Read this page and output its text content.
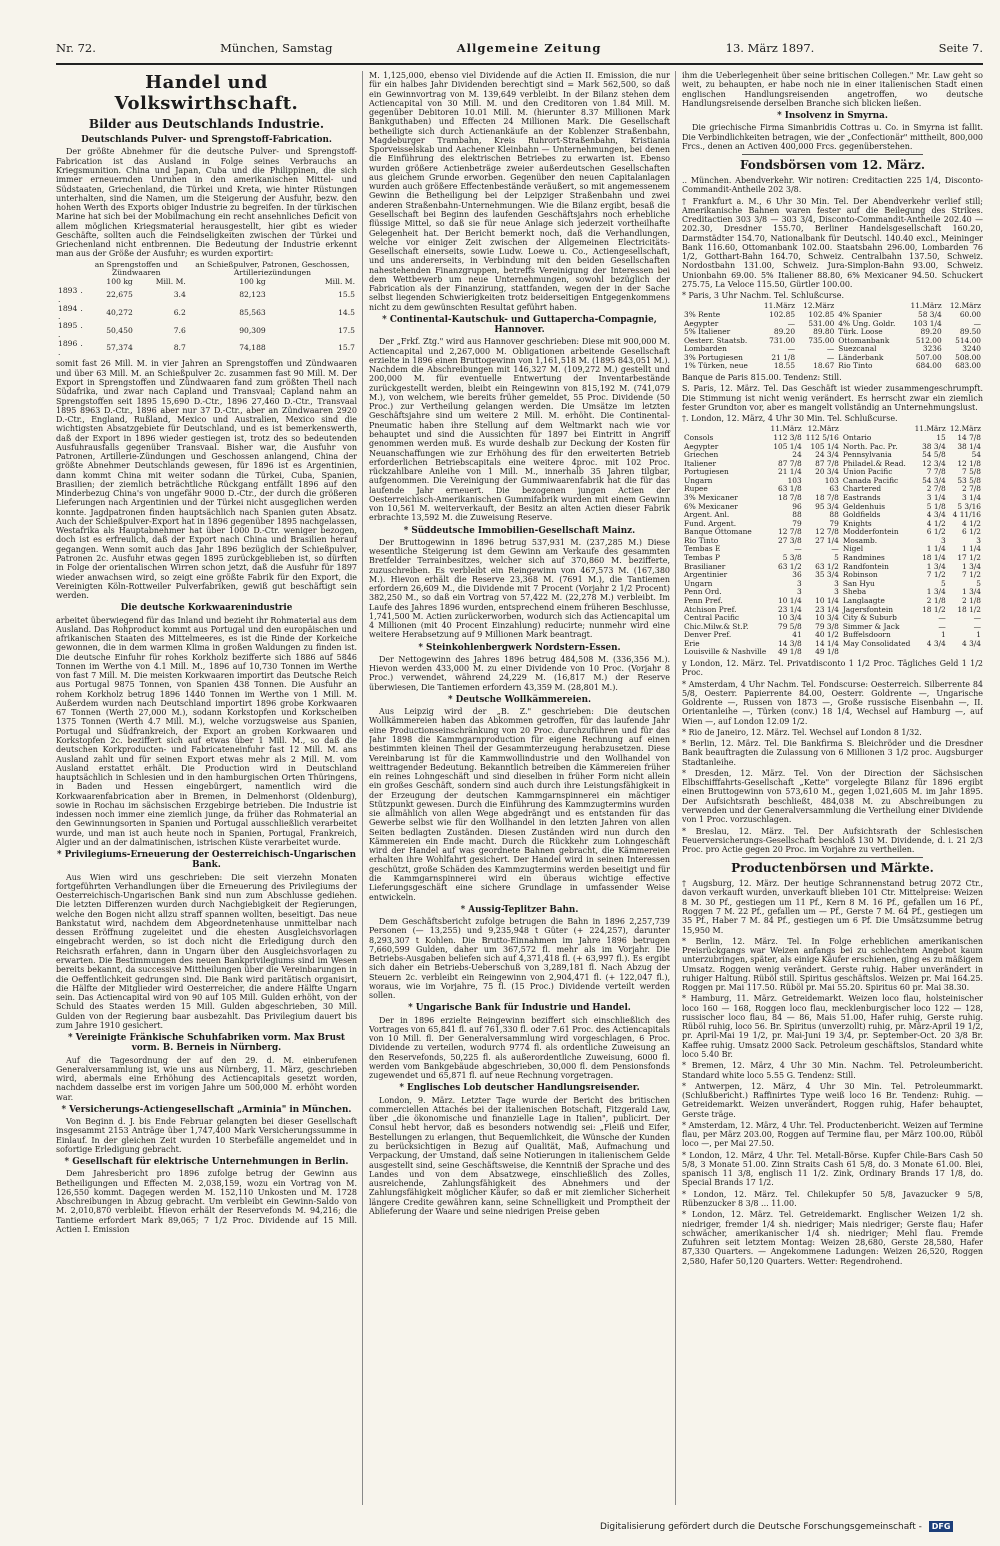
Nr. 72.	München, Samstag	Allgemeine Zeitung	13. März 1897.	Seite 7.
Handel und Volkswirthschaft.
Bilder aus Deutschlands Industrie.
Deutschlands Pulver- und Sprengstoff-Fabrication.

Der größte Abnehmer für die deutsche Pulver- und Sprengstoff-Fabrication ist das Ausland in Folge seines Verbrauchs an Kriegsmunition. China und Japan, Cuba und die Philippinen, die sich immer erneuernden Unruhen in den amerikanischen Mittel- und Südstaaten, Griechenland, die Türkei und Kreta, wie hinter Rüstungen unterhalten, sind die Namen, um die Steigerung der Ausfuhr, bezw. den hohen Werth des Exports obiger Industrie zu begreifen. In der türkischen Marine hat sich bei der Mobilmachung ein recht ansehnliches Deficit von allem möglichen Kriegsmaterial herausgestellt, hier gibt es wieder Geschäfte, sollten auch die Feindseligkeiten zwischen der Türkei und Griechenland nicht entbrennen. Die Bedeutung der Industrie erkennt man aus der Größe der Ausfuhr; es wurden exportirt:

	an Sprengstoffen und Zündwaaren		an Schießpulver, Patronen, Geschossen, Artilleriezündungen	
	100 kg	Mill. M.	100 kg	Mill. M.
1893 . .	22,675	3.4	82,123	15.5
1894 . .	40,272	6.2	85,563	14.5
1895 . .	50,450	7.6	90,309	17.5
1896 . .	57,374	8.7	74,188	15.7

somit fast 26 Mill. M. in vier Jahren an Sprengstoffen und Zündwaaren und über 63 Mill. M. an Schießpulver 2c. zusammen fast 90 Mill. M. Der Export in Sprengstoffen und Zündwaaren fand zum größten Theil nach Südafrika, und zwar nach Capland und Transvaal; Capland nahm an Sprengstoffen seit 1895 15,690 D.-Ctr., 1896 27,460 D.-Ctr., Transvaal 1895 8963 D.-Ctr., 1896 aber nur 37 D.-Ctr., aber an Zündwaaren 2920 D.-Ctr., England, Rußland, Mexico und Australien, Mexico sind die wichtigsten Absatzgebiete für Deutschland, und es ist bemerkenswerth, daß der Export in 1896 wieder gestiegen ist, trotz des so bedeutenden Ausfuhrausfalls gegenüber Transvaal. Bisher war, die Ausfuhr von Patronen, Artillerie-Zündungen und Geschossen anlangend, China der größte Abnehmer Deutschlands gewesen, für 1896 ist es Argentinien, dann kommt China mit weiter sodann die Türkei, Cuba, Spanien, Brasilien; der ziemlich beträchtliche Rückgang entfällt 1896 auf den Minderbezug China's von ungefähr 9000 D.-Ctr., der durch die größeren Lieferungen nach Argentinien und der Türkei nicht ausgeglichen werden konnte. Jagdpatronen finden hauptsächlich nach Spanien guten Absatz. Auch der Schießpulver-Export hat in 1896 gegenüber 1895 nachgelassen, Westafrika als Hauptabnehmer hat über 1000 D.-Ctr. weniger bezogen, doch ist es erfreulich, daß der Export nach China und Brasilien herauf gegangen. Wenn somit auch das Jahr 1896 bezüglich der Schießpulver, Patronen 2c. Ausfuhr etwas gegen 1895 zurückgeblieben ist, so dürften in Folge der orientalischen Wirren schon jetzt, daß die Ausfuhr für 1897 wieder anwachsen wird, so zeigt eine größte Fabrik für den Export, die Vereinigten Köln-Rottweiler Pulverfabriken, gewiß gut beschäftigt sein werden.

Die deutsche Korkwaarenindustrie

arbeitet überwiegend für das Inland und bezieht ihr Rohmaterial aus dem Ausland. Das Rohproduct kommt aus Portugal und den europäischen und afrikanischen Staaten des Mittelmeeres, es ist die Rinde der Korkeiche gewonnen, die in dem warmen Klima in großen Waldungen zu finden ist. Die deutsche Einfuhr für rohes Korkholz bezifferte sich 1886 auf 5846 Tonnen im Werthe von 4.1 Mill. M., 1896 auf 10,730 Tonnen im Werthe von fast 7 Mill. M. Die meisten Korkwaaren importirt das Deutsche Reich aus Portugal 9875 Tonnen, von Spanien 438 Tonnen. Die Ausfuhr an rohem Korkholz betrug 1896 1440 Tonnen im Werthe von 1 Mill. M. Außerdem wurden nach Deutschland importirt 1896 grobe Korkwaaren 67 Tonnen (Werth 27,000 M.), sodann Korkstopfen und Korkscheiben 1375 Tonnen (Werth 4.7 Mill. M.), welche vorzugsweise aus Spanien, Portugal und Südfrankreich, der Export an groben Korkwaaren und Korkstopfen 2c. beziffert sich auf etwas über 1 Mill. M., so daß die deutschen Korkproducten- und Fabricateneinfuhr fast 12 Mill. M. ans Ausland zahlt und für seinen Export etwas mehr als 2 Mill. M. vom Ausland erstattet erhält. Die Production wird in Deutschland hauptsächlich in Schlesien und in den hamburgischen Orten Thüringens, in Baden und Hessen eingebürgert, namentlich wird die Korkwaarenfabrication aber in Bremen, in Delmenhorst (Oldenburg), sowie in Rochau im sächsischen Erzgebirge betrieben. Die Industrie ist indessen noch immer eine ziemlich junge, da früher das Rohmaterial an den Gewinnungsorten in Spanien und Portugal ausschließlich verarbeitet wurde, und man ist auch heute noch in Spanien, Portugal, Frankreich, Algier und an der dalmatinischen, istrischen Küste verarbeitet wurde.

* Privilegiums-Erneuerung der Oesterreichisch-Ungarischen Bank.

Aus Wien wird uns geschrieben: Die seit vierzehn Monaten fortgeführten Verhandlungen über die Erneuerung des Privilegiums der Oesterreichisch-Ungarischen Bank sind nun zum Abschlusse gediehen. Die letzten Differenzen wurden durch Nachgiebigkeit der Regierungen, welche den Bogen nicht allzu straff spannen wollten, beseitigt. Das neue Bankstatut wird, nachdem dem Abgeordnetenhause unmittelbar nach dessen Eröffnung zugeleitet und die ehesten Ausgleichsvorlagen eingebracht werden, so ist doch nicht die Erledigung durch den Reichsrath erfahren, dann in Ungarn über den Ausgleichsvorlagen zu erwarten. Die Bestimmungen des neuen Bankprivilegiums sind im Wesen bereits bekannt, da successive Mittheilungen über die Vereinbarungen in die Oeffentlichkeit gedrungen sind. Die Bank wird paritätisch organisirt, die Hälfte der Mitglieder wird Oesterreicher, die andere Hälfte Ungarn sein. Das Actiencapital wird von 90 auf 105 Mill. Gulden erhöht, von der Schuld des Staates werden 15 Mill. Gulden abgeschrieben, 30 Mill. Gulden von der Regierung baar ausbezahlt. Das Privilegium dauert bis zum Jahre 1910 gesichert.

* Vereinigte Fränkische Schuhfabriken vorm. Max Brust vorm. B. Berneis in Nürnberg.

Auf die Tagesordnung der auf den 29. d. M. einberufenen Generalversammlung ist, wie uns aus Nürnberg, 11. März, geschrieben wird, abermals eine Erhöhung des Actiencapitals gesetzt worden, nachdem dasselbe erst im vorigen Jahre um 500,000 M. erhöht worden war.

* Versicherungs-Actiengesellschaft „Arminia" in München.

Von Beginn d. J. bis Ende Februar gelangten bei dieser Gesellschaft insgesammt 2153 Anträge über 1,747,400 Mark Versicherungssumme in Einlauf. In der gleichen Zeit wurden 10 Sterbefälle angemeldet und in sofortige Erledigung gebracht.

* Gesellschaft für elektrische Unternehmungen in Berlin.

Dem Jahresbericht pro 1896 zufolge betrug der Gewinn aus Betheiligungen und Effecten M. 2,038,159, wozu ein Vortrag von M. 126,550 kommt. Dagegen werden M. 152,110 Unkosten und M. 1728 Abschreibungen in Abzug gebracht. Um verbleibt ein Gewinn-Saldo von M. 2,010,870 verbleibt. Hievon erhält der Reservefonds M. 94,216; die Tantieme erfordert Mark 89,065; 7 1/2 Proc. Dividende auf 15 Mill. Actien I. Emission

M. 1,125,000, ebenso viel Dividende auf die Actien II. Emission, die nur für ein halbes Jahr Dividenden berechtigt sind = Mark 562,500, so daß ein Gewinnvortrag von M. 139,649 verbleibt. In der Bilanz stehen dem Actiencapital von 30 Mill. M. und den Creditoren von 1.84 Mill. M. gegenüber Debitoren 10.01 Mill. M. (hierunter 8.37 Millionen Mark Bankguthaben) und Effecten 24 Millionen Mark. Die Gesellschaft betheiligte sich durch Actienankäufe an der Koblenzer Straßenbahn, Magdeburger Trambahn, Kreis Ruhrort-Straßenbahn, Kristiania Sporveisselskab und Aachener Kleinbahn — Unternehmungen, bei denen die Einführung des elektrischen Betriebes zu erwarten ist. Ebenso wurden größere Actienbeträge zweier außerdeutschen Gesellschaften aus gleichem Grunde erworben. Gegenüber den neuen Capitalanlagen wurden auch größere Effectenbestände veräußert, so mit angemessenem Gewinn die Betheiligung bei der Leipziger Straßenbahn und zwei anderen Straßenbahn-Unternehmungen. Wie die Bilanz ergibt, besaß die Gesellschaft bei Beginn des laufenden Geschäftsjahrs noch erhebliche flüssige Mittel, so daß sie für neue Anlage sich jederzeit vortheilhafte Gelegenheit hat. Der Bericht bemerkt noch, daß die Verhandlungen, welche vor einiger Zeit zwischen der Allgemeinen Electricitäts-Gesellschaft einerseits, sowie Ludw. Loewe u. Co., Actiengesellschaft, und uns andererseits, in Verbindung mit den beiden Gesellschaften nahestehenden Finanzgruppen, betreffs Vereinigung der Interessen bei dem Wettbewerb um neue Unternehmungen, sowohl bezüglich der Fabrication als der Finanzirung, stattfanden, wegen der in der Sache selbst liegenden Schwierigkeiten trotz beiderseitigen Entgegenkommens nicht zu dem gewünschten Resultat geführt haben.

* Continental-Kautschuk- und Guttapercha-Compagnie, Hannover.

Der „Frkf. Ztg." wird aus Hannover geschrieben: Diese mit 900,000 M. Actiencapital und 2,267,000 M. Obligationen arbeitende Gesellschaft erzielte in 1896 einen Bruttogewinn von 1,161,518 M. (1895 843,051 M.). Nachdem die Abschreibungen mit 146,327 M. (109,272 M.) gestellt und 200,000 M. für eventuelle Entwertung der Inventarbestände zurückgestellt werden, bleibt ein Reingewinn von 815,192 M. (741,079 M.), von welchem, wie bereits früher gemeldet, 55 Proc. Dividende (50 Proc.) zur Vertheilung gelangen werden. Die Umsätze im letzten Geschäftsjahre sind um weitere 2 Mill. M. erhöht. Die Continental-Pneumatic haben ihre Stellung auf dem Weltmarkt nach wie vor behauptet und sind die Aussichten für 1897 bei Eintritt in Angriff genommen werden muß. Es wurde deshalb zur Deckung der Kosten für Neuanschaffungen wie zur Erhöhung des für den erweiterten Betrieb erforderlichen Betriebscapitals eine weitere 4proc. mit 102 Proc. rückzahlbare Anleihe von 1 Mill. M., innerhalb 35 Jahren tilgbar, aufgenommen. Die Vereinigung der Gummiwaarenfabrik hat die für das laufende Jahr erneuert. Die bezogenen jungen Actien der Oesterreichisch-Amerikanischen Gummifabrik wurden mit einem Gewinn von 10,561 M. weiterverkauft, der Besitz an alten Actien dieser Fabrik erbrachte 13,592 M. die Zuweisung Reserve.

* Süddeutsche Immobilien-Gesellschaft Mainz.

Der Bruttogewinn in 1896 betrug 537,931 M. (237,285 M.) Diese wesentliche Steigerung ist dem Gewinn am Verkaufe des gesammten Bretfelder Terrainbesitzes, welcher sich auf 370,860 M. bezifferte, zuzuschreiben. Es verbleibt ein Reingewinn von 467,573 M. (167,380 M.). Hievon erhält die Reserve 23,368 M. (7691 M.), die Tantiemen erfordern 26,609 M., die Dividende mit 7 Procent (Vorjahr 2 1/2 Procent) 382,250 M., so daß ein Vortrag von 57,422 M. (22,278 M.) verbleibt. Im Laufe des Jahres 1896 wurden, entsprechend einem früheren Beschlusse, 1,741,500 M. Actien zurückerworben, wodurch sich das Actiencapital um 4 Millionen (mit 40 Procent Einzahlung) reducirte; nunmehr wird eine weitere Herabsetzung auf 9 Millionen Mark beantragt.

* Steinkohlenbergwerk Nordstern-Essen.

Der Nettogewinn des Jahres 1896 betrug 484,508 M. (336,356 M.). Hievon werden 433,000 M. zu einer Dividende von 10 Proc. (Vorjahr 8 Proc.) verwendet, während 24,229 M. (16,817 M.) der Reserve überwiesen, Die Tantiemen erfordern 43,359 M. (28,801 M.).

* Deutsche Wollkämmereien.

Aus Leipzig wird der „B. Z." geschrieben: Die deutschen Wollkämmereien haben das Abkommen getroffen, für das laufende Jahr eine Productionseinschränkung von 20 Proc. durchzuführen und für das Jahr 1898 die Kammgarnproduction für eigene Rechnung auf einen bestimmten kleinen Theil der Gesammterzeugung herabzusetzen. Diese Vereinbarung ist für die Kammwollindustrie und den Wollhandel von weittragender Bedeutung. Bekanntlich betreiben die Kämmereien früher ein reines Lohngeschäft und sind dieselben in früher Form nicht allein ein großes Geschäft, sondern sind auch durch ihre Leistungsfähigkeit in der Erzeugung der deutschen Kammgarnspinnerei ein mächtiger Stützpunkt gewesen. Durch die Einführung des Kammzugtermins wurden sie allmählich von allen Wege abgedrängt und es entstanden für das Gewerbe selbst wie für den Wollhandel in den letzten Jahren von allen Seiten bedlagten Zuständen. Diesen Zuständen wird nun durch den Kämmereien ein Ende macht. Durch die Rückkehr zum Lohngeschäft wird der Handel auf was geordnete Bahnen gebracht, die Kämmereien erhalten ihre Wohlfahrt gesichert. Der Handel wird in seinen Interessen geschützt, große Schäden des Kammzugtermins werden beseitigt und für die Kammgarnspinnerei wird ein überaus wichtige effective Lieferungsgeschäft eine sichere Grundlage in umfassender Weise entwickeln.

* Aussig-Teplitzer Bahn.

Dem Geschäftsbericht zufolge betrugen die Bahn in 1896 2,257,739 Personen (— 13,255) und 9,235,948 t Güter (+ 224,257), darunter 8,293,307 t Kohlen. Die Brutto-Einnahmen im Jahre 1896 betrugen 7,660,599 Gulden, daher um 367,572 fl. mehr als im Vorjahr. Die Betriebs-Ausgaben beliefen sich auf 4,371,418 fl. (+ 63,997 fl.). Es ergibt sich daher ein Betriebs-Ueberschuß von 3,289,181 fl. Nach Abzug der Steuern 2c. verbleibt ein Reingewinn von 2,904,471 fl. (+ 122,047 fl.), woraus, wie im Vorjahre, 75 fl. (15 Proc.) Dividende verteilt werden sollen.

* Ungarische Bank für Industrie und Handel.

Der in 1896 erzielte Reingewinn beziffert sich einschließlich des Vortrages von 65,841 fl. auf 761,330 fl. oder 7.61 Proc. des Actiencapitals von 10 Mill. fl. Der Generalversammlung wird vorgeschlagen, 6 Proc. Dividende zu verteilen, wodurch 9774 fl. als ordentliche Zuweisung an den Reservefonds, 50,225 fl. als außerordentliche Zuweisung, 6000 fl. werden vom Bankgebäude abgeschrieben, 30,000 fl. dem Pensionsfonds zugewendet und 65,871 fl. auf neue Rechnung vorgetragen.

* Englisches Lob deutscher Handlungsreisender.

London, 9. März. Letzter Tage wurde der Bericht des britischen commerciellen Attachés bei der italienischen Botschaft, Fitzgerald Law, über „die ökonomische und finanzielle Lage in Italien", publicirt. Der Consul hebt hervor, daß es besonders notwendig sei: „Fleiß und Eifer, Bestellungen zu erlangen, thut Bequemlichkeit, die Wünsche der Kunden zu berücksichtigen in Bezug auf Qualität, Maß, Aufmachung und Verpackung, der Umstand, daß seine Notierungen in italienischem Gelde ausgestellt sind, seine Geschäftsweise, die Kenntniß der Sprache und des Landes und von dem Absatzwege, einschließlich des Zolles, ausreichende, Zahlungsfähigkeit des Abnehmers und der Zahlungsfähigkeit möglicher Käufer, so daß er mit ziemlicher Sicherheit längere Credite gewähren kann, seine Schnelligkeit und Promptheit der Ablieferung der Waare und seine niedrigen Preise geben

ihm die Ueberlegenheit über seine britischen Collegen." Mr. Law geht so weit, zu behaupten, er habe noch nie in einer italienischen Stadt einen englischen Handlungsreisenden angetroffen, wo deutsche Handlungsreisende derselben Branche sich blicken ließen.

* Insolvenz in Smyrna.

Die griechische Firma Simanbridis Cottras u. Co. in Smyrna ist fallit. Die Verbindlichkeiten betragen, wie der „Confectionär" mittheilt, 800,000 Frcs., denen an Activen 400,000 Frcs. gegenüberstehen.

Fondsbörsen vom 12. März.

.. München. Abendverkehr. Wir notiren: Creditactien 225 1/4, Disconto-Commandit-Antheile 202 3/8.

† Frankfurt a. M., 6 Uhr 30 Min. Tel. Der Abendverkehr verlief still; Amerikanische Bahnen waren fester auf die Beilegung des Strikes. Creditactien 303 3/8 — 303 3/4, Disconto-Commandit-Antheile 202.40 — 202.30, Dresdner 155.70, Berliner Handelsgesellschaft 160.20, Darmstädter 154.70, Nationalbank für Deutschl. 140.40 excl., Meininger Bank 116.60, Ottomanbank 102.00. Staatsbahn 296.00, Lombarden 76 1/2, Gotthart-Bahn 164.70, Schweiz. Centralbahn 137.50, Schweiz. Nordostbahn 131.00, Schweiz. Jura-Simplon-Bahn 93.00, Schweiz. Unionbahn 69.00. 5% Italiener 88.80, 6% Mexicaner 94.50. Schuckert 275.75, La Veloce 115.50, Gürtler 100.00.

* Paris, 3 Uhr Nachm. Tel. Schlußcurse.

	11.März	12.März		11.März	12.März
3% Rente	102.85	102.85	4% Spanier	58 3/4	60.00
Aegypter	—	531.00	4% Ung. Goldr.	103 1/4	—
5% Italiener	89.20	89.80	Türk. Loose	89.20	89.50
Oesterr. Staatsb.	731.00	735.00	Ottomanbank	512.00	514.00
Lombarden	—	—	Suezcanal	3236	3240
3% Portugiesen	21 1/8	—	Länderbank	507.00	508.00
1% Türken, neue	18.55	18.67	Rio Tinto	684.00	683.00

Banque de Paris 815.00. Tendenz: Still.

S. Paris, 12. März. Tel. Das Geschäft ist wieder zusammengeschrumpft. Die Stimmung ist nicht wenig verändert. Es herrscht zwar ein ziemlich fester Grundton vor, aber es mangelt vollständig an Unternehmungslust.

†. London, 12. März, 4 Uhr 30 Min. Tel. Schlußcurse.

	11.März	12.März		11.März	12.März
Consols	112 3/8	112 5/16	Ontario	15	14 7/8
Aegypter	105 1/4	105 1/4	North. Pac. Pr.	38 3/4	38 1/4
Griechen	24	24 3/4	Pennsylvania	54 5/8	54
Italiener	87 7/8	87 7/8	Philadel.& Read.	12 3/4	12 1/8
Portugiesen	21 1/4	20 3/4	Union Pacific	7 7/8	7 5/8
Ungarn	103	103	Canada Pacific	54 3/4	53 5/8
Rupee	63 1/8	63	Chartered	2 7/8	2 7/8
3% Mexicaner	18 7/8	18 7/8	Eastrands	3 1/4	3 1/4
6% Mexicaner	96	95 3/4	Geldenhuis	5 1/8	5 3/16
Argent. Anl.	88	88	Goldfields	4 3/4	4 11/16
Fund. Argent.	79	79	Knights	4 1/2	4 1/2
Banque Ottomane	12 7/8	12 7/8	Modderfontein	6 1/2	6 1/2
Rio Tinto	27 3/8	27 1/4	Mosamb.	3	3
Tembas E	—	—	Nigel	1 1/4	1 1/4
Tembas P	5 3/8	5	Randmines	18 1/4	17 1/2
Brasilianer	63 1/2	63 1/2	Randfontein	1 3/4	1 3/4
Argentinier	36	35 3/4	Robinson	7 1/2	7 1/2
Ungarn	3	3	San Hyu	5	5
Penn Ord.	3	3	Sheba	1 3/4	1 3/4
Penn Pref.	10 1/4	10 1/4	Langlaagte	2 1/8	2 1/8
Atchison Pref.	23 1/4	23 1/4	Jagersfontein	18 1/2	18 1/2
Central Pacific	10 3/4	10 3/4	City & Suburb	—	—
Chic.Milw.& St.P.	79 5/8	79 3/8	Simmer & Jack	—	—
Denver Pref.	41	40 1/2	Buffelsdoorn	1	1
Erie	14 3/8	14 1/4	May Consolidated	4 3/4	4 3/4
Louisville & Nashville	49 1/8	49 1/8			

y London, 12. März. Tel. Privatdisconto 1 1/2 Proc. Tägliches Geld 1 1/2 Proc.

* Amsterdam, 4 Uhr Nachm. Tel. Fondscurse: Oesterreich. Silberrente 84 5/8, Oesterr. Papierrente 84.00, Oesterr. Goldrente —, Ungarische Goldrente —, Russen von 1873 —, Große russische Eisenbahn —, II. Orientanleihe —, Türken (conv.) 18 1/4, Wechsel auf Hamburg —, auf Wien —, auf London 12.09 1/2.

* Rio de Janeiro, 12. März. Tel. Wechsel auf London 8 1/32.

* Berlin, 12. März. Tel. Die Bankfirma S. Bleichröder und die Dresdner Bank beauftragten die Zulassung von 6 Millionen 3 1/2 proc. Augsburger Stadtanleihe.

* Dresden, 12. März. Tel. Von der Direction der Sächsischen Elbschifffahrts-Gesellschaft „Kette" vorgelegte Bilanz für 1896 ergibt einen Bruttogewinn von 573,610 M., gegen 1,021,605 M. im Jahr 1895. Der Aufsichtsrath beschließt, 484,038 M. zu Abschreibungen zu verwenden und der Generalversammlung die Vertheilung einer Dividende von 1 Proc. vorzuschlagen.

* Breslau, 12. März. Tel. Der Aufsichtsrath der Schlesischen Feuerversicherungs-Gesellschaft beschloß 130 M. Dividende, d. i. 21 2/3 Proc. pro Actie gegen 20 Proc. im Vorjahre zu vertheilen.

Productenbörsen und Märkte.

† Augsburg, 12. März. Der heutige Schrannenstand betrug 2072 Ctr., davon verkauft wurden, unverkauft blieben 101 Ctr. Mittelpreise: Weizen 8 M. 30 Pf., gestiegen um 11 Pf., Kern 8 M. 16 Pf., gefallen um 16 Pf., Roggen 7 M. 22 Pf., gefallen um — Pf., Gerste 7 M. 64 Pf., gestiegen um 35 Pf., Haber 7 M. 84 Pf., gestiegen um 6 Pf. Die Umsätzsumme betrug 15,950 M.

* Berlin, 12. März. Tel. In Folge erheblichen amerikanischen Preisrückgangs war Weizen anfangs bei zu schlechtem Angebot kaum unterzubringen, später, als einige Käufer erschienen, ging es zu mäßigem Umsatz. Roggen wenig verändert. Gerste ruhig. Haber unverändert in ruhiger Haltung. Rüböl still. Spiritus geschäftslos. Weizen pr. Mai 164.25. Roggen pr. Mai 117.50. Rüböl pr. Mai 55.20. Spiritus 60 pr. Mai 38.30.

* Hamburg, 11. März. Getreidemarkt. Weizen loco flau, holsteinischer loco 160 — 168, Roggen loco flau, mecklenburgischer loco 122 — 128, russischer loco flau, 84 — 86, Mais 51.00, Hafer ruhig, Gerste ruhig. Rüböl ruhig, loco 56. Br. Spiritus (unverzollt) ruhig, pr. März-April 19 1/2, pr. April-Mai 19 1/2, pr. Mai-Juni 19 3/4, pr. September-Oct. 20 3/8 Br. Kaffee ruhig. Umsatz 2000 Sack. Petroleum geschäftslos, Standard white loco 5.40 Br.

* Bremen, 12. März, 4 Uhr 30 Min. Nachm. Tel. Petroleumbericht. Standard white loco 5.55 G. Tendenz: Still.

* Antwerpen, 12. März, 4 Uhr 30 Min. Tel. Petroleummarkt. (Schlußbericht.) Raffinirtes Type weiß loco 16 Br. Tendenz: Ruhig. — Getreidemarkt. Weizen unverändert, Roggen ruhig, Hafer behauptet, Gerste träge.

* Amsterdam, 12. März, 4 Uhr. Tel. Productenbericht. Weizen auf Termine flau, per März 203.00, Roggen auf Termine flau, per März 100.00, Rüböl loco —, per Mai 27.50.

* London, 12. März, 4 Uhr. Tel. Metall-Börse. Kupfer Chile-Bars Cash 50 5/8, 3 Monate 51.00. Zinn Straits Cash 61 5/8, do. 3 Monate 61.00. Blei, spanisch 11 3/8, englisch 11 1/2. Zink, Ordinary Brands 17 1/8, do. Special Brands 17 1/2.

* London, 12. März. Tel. Chilekupfer 50 5/8, Javazucker 9 5/8, Rübenzucker 8 3/8 ... 11.00.

* London, 12. März. Tel. Getreidemarkt. Englischer Weizen 1/2 sh. niedriger, fremder 1/4 sh. niedriger; Mais niedriger; Gerste flau; Hafer schwächer, amerikanischer 1/4 sh. niedriger; Mehl flau. Fremde Zufuhren seit letztem Montag: Weizen 28,680, Gerste 28,580, Hafer 87,330 Quarters. — Angekommene Ladungen: Weizen 26,520, Roggen 2,580, Hafer 50,120 Quarters. Wetter: Regendrohend.

Digitalisierung gefördert durch die Deutsche Forschungsgemeinschaft - DFG
